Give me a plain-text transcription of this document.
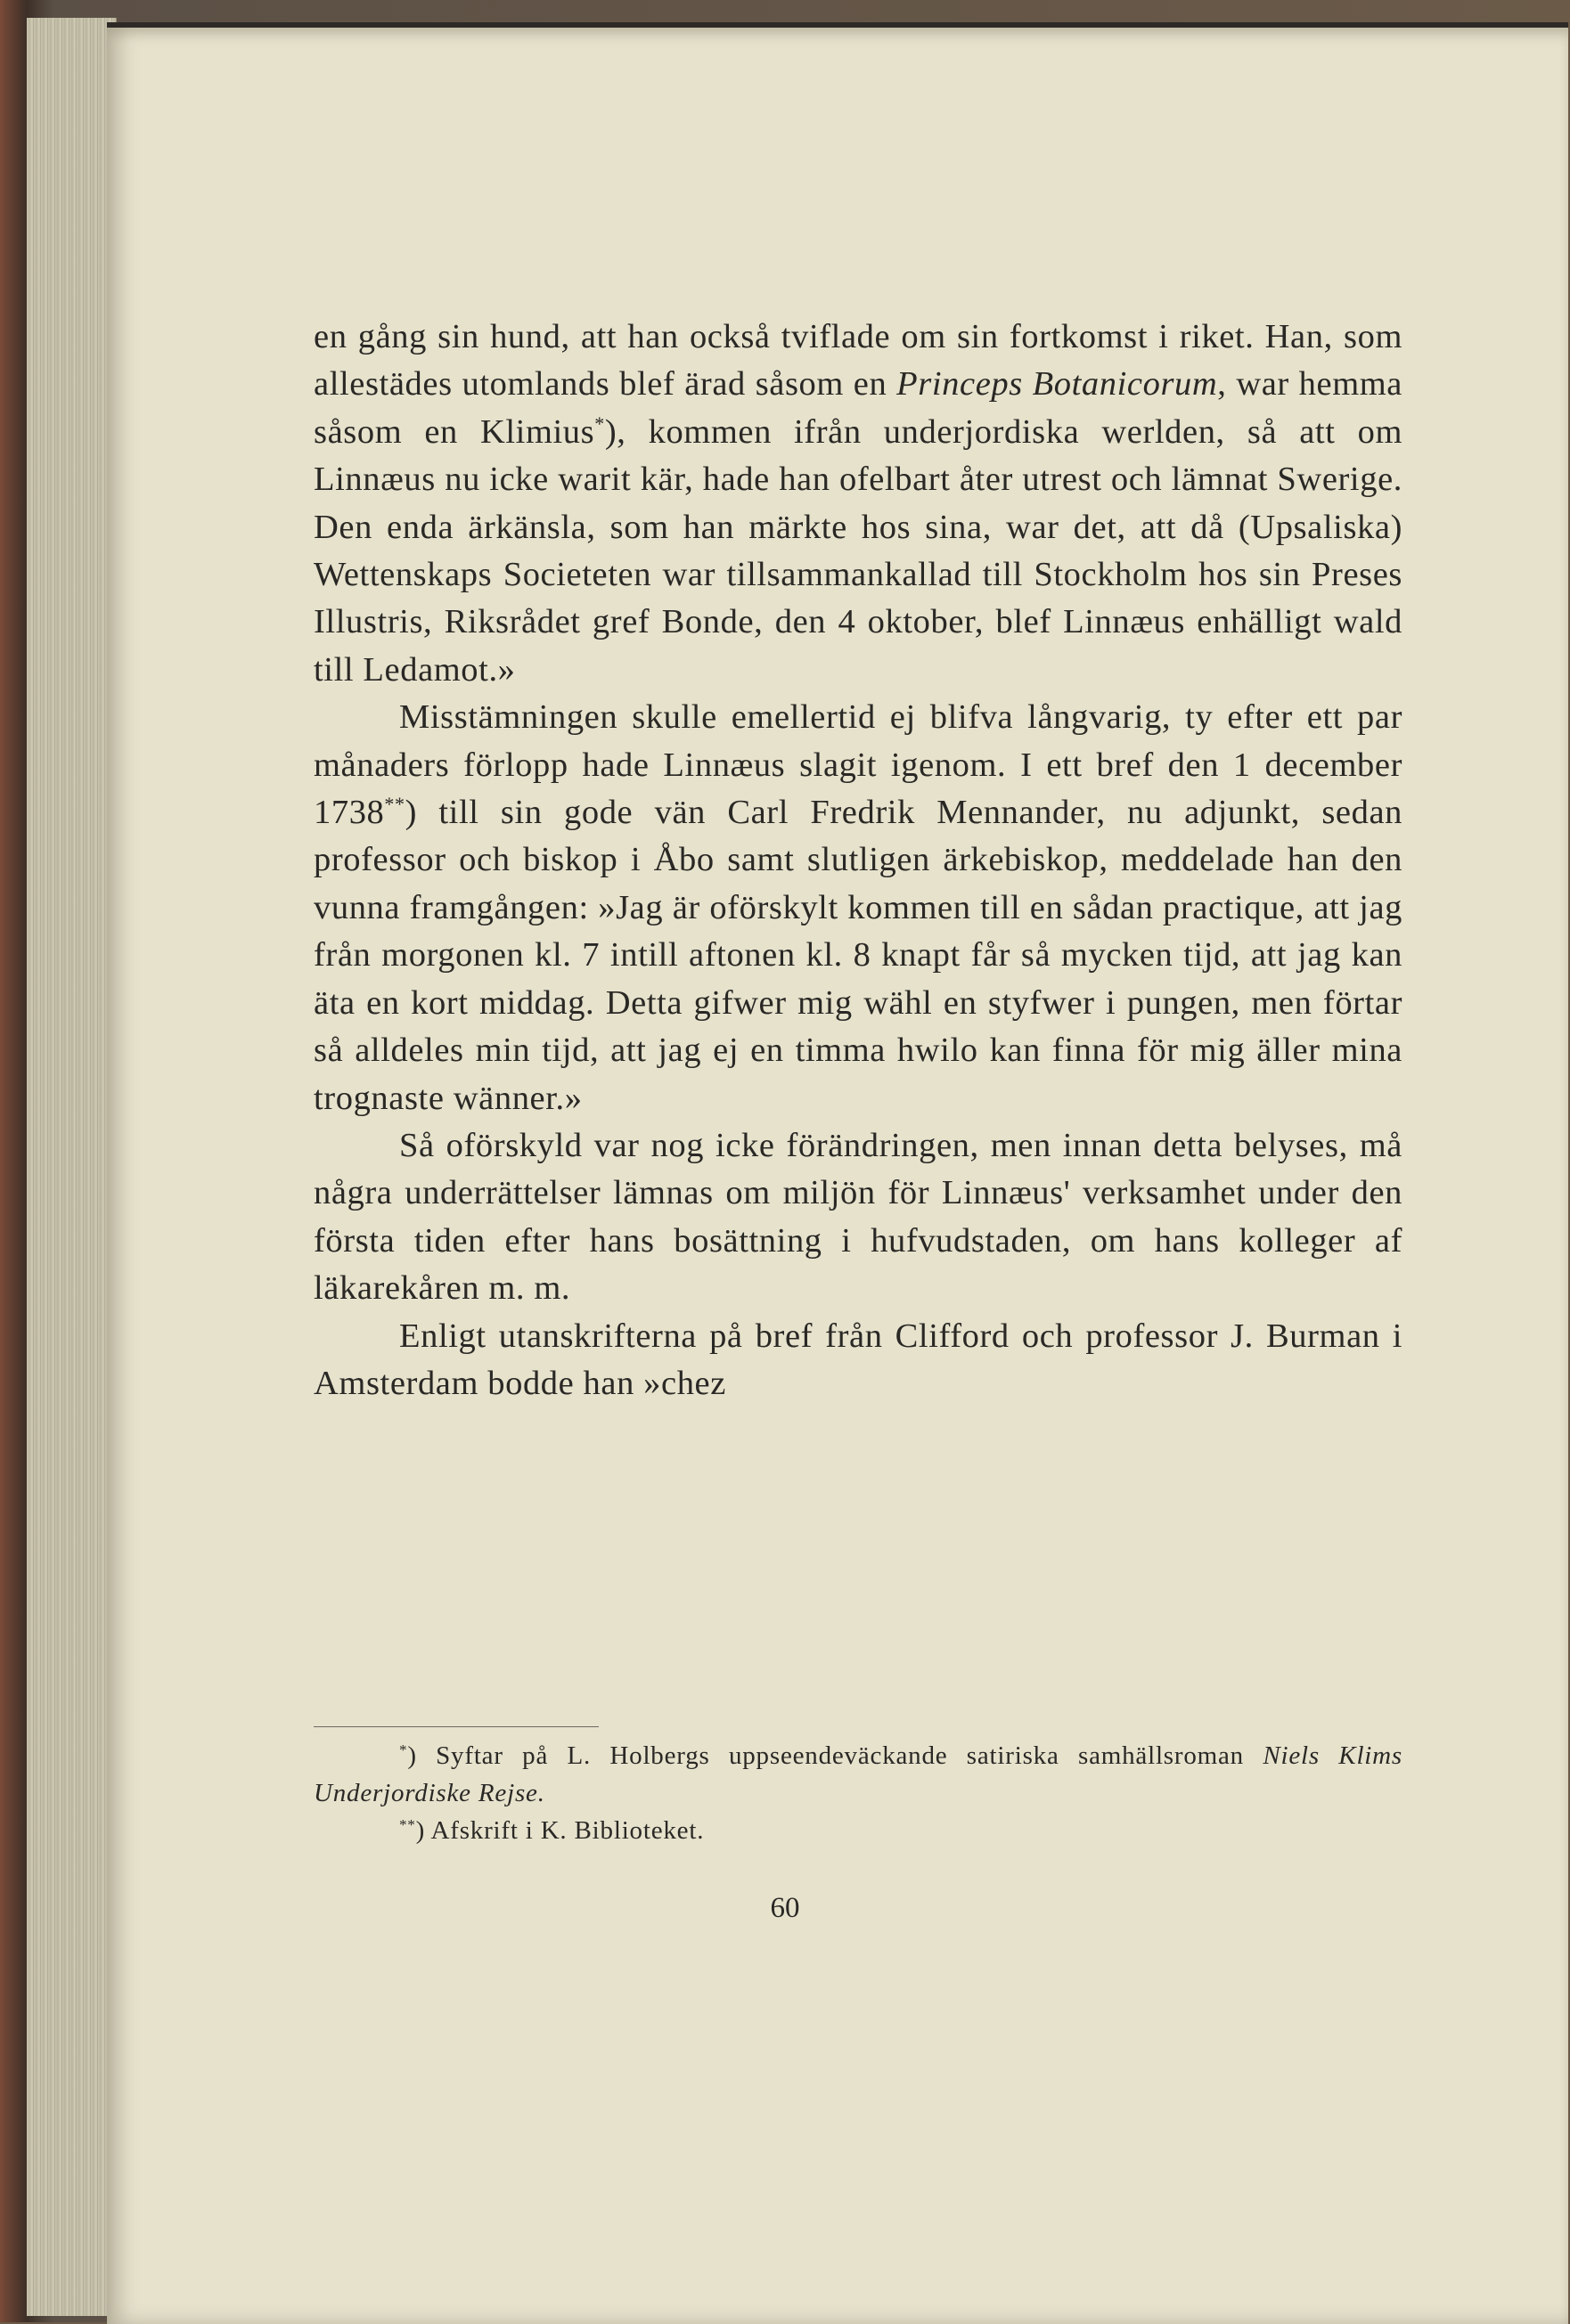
en gång sin hund, att han också tviflade om sin fortkomst i riket. Han, som allestädes utomlands blef ärad såsom en Princeps Botanicorum, war hemma såsom en Klimius*), kommen ifrån underjordiska werlden, så att om Linnæus nu icke warit kär, hade han ofelbart åter utrest och lämnat Swerige. Den enda ärkänsla, som han märkte hos sina, war det, att då (Upsaliska) Wettenskaps Societeten war tillsammankallad till Stockholm hos sin Preses Illustris, Riksrådet gref Bonde, den 4 oktober, blef Linnæus enhälligt wald till Ledamot.»

Misstämningen skulle emellertid ej blifva långvarig, ty efter ett par månaders förlopp hade Linnæus slagit igenom. I ett bref den 1 december 1738**) till sin gode vän Carl Fredrik Mennander, nu adjunkt, sedan professor och biskop i Åbo samt slutligen ärkebiskop, meddelade han den vunna framgången: »Jag är oförskylt kommen till en sådan practique, att jag från morgonen kl. 7 intill aftonen kl. 8 knapt får så mycken tijd, att jag kan äta en kort middag. Detta gifwer mig wähl en styfwer i pungen, men förtar så alldeles min tijd, att jag ej en timma hwilo kan finna för mig äller mina trognaste wänner.»

Så oförskyld var nog icke förändringen, men innan detta belyses, må några underrättelser lämnas om miljön för Linnæus' verksamhet under den första tiden efter hans bosättning i hufvudstaden, om hans kolleger af läkarekåren m. m.

Enligt utanskrifterna på bref från Clifford och professor J. Burman i Amsterdam bodde han »chez

*) Syftar på L. Holbergs uppseendeväckande satiriska samhällsroman Niels Klims Underjordiske Rejse.

**) Afskrift i K. Biblioteket.

60
